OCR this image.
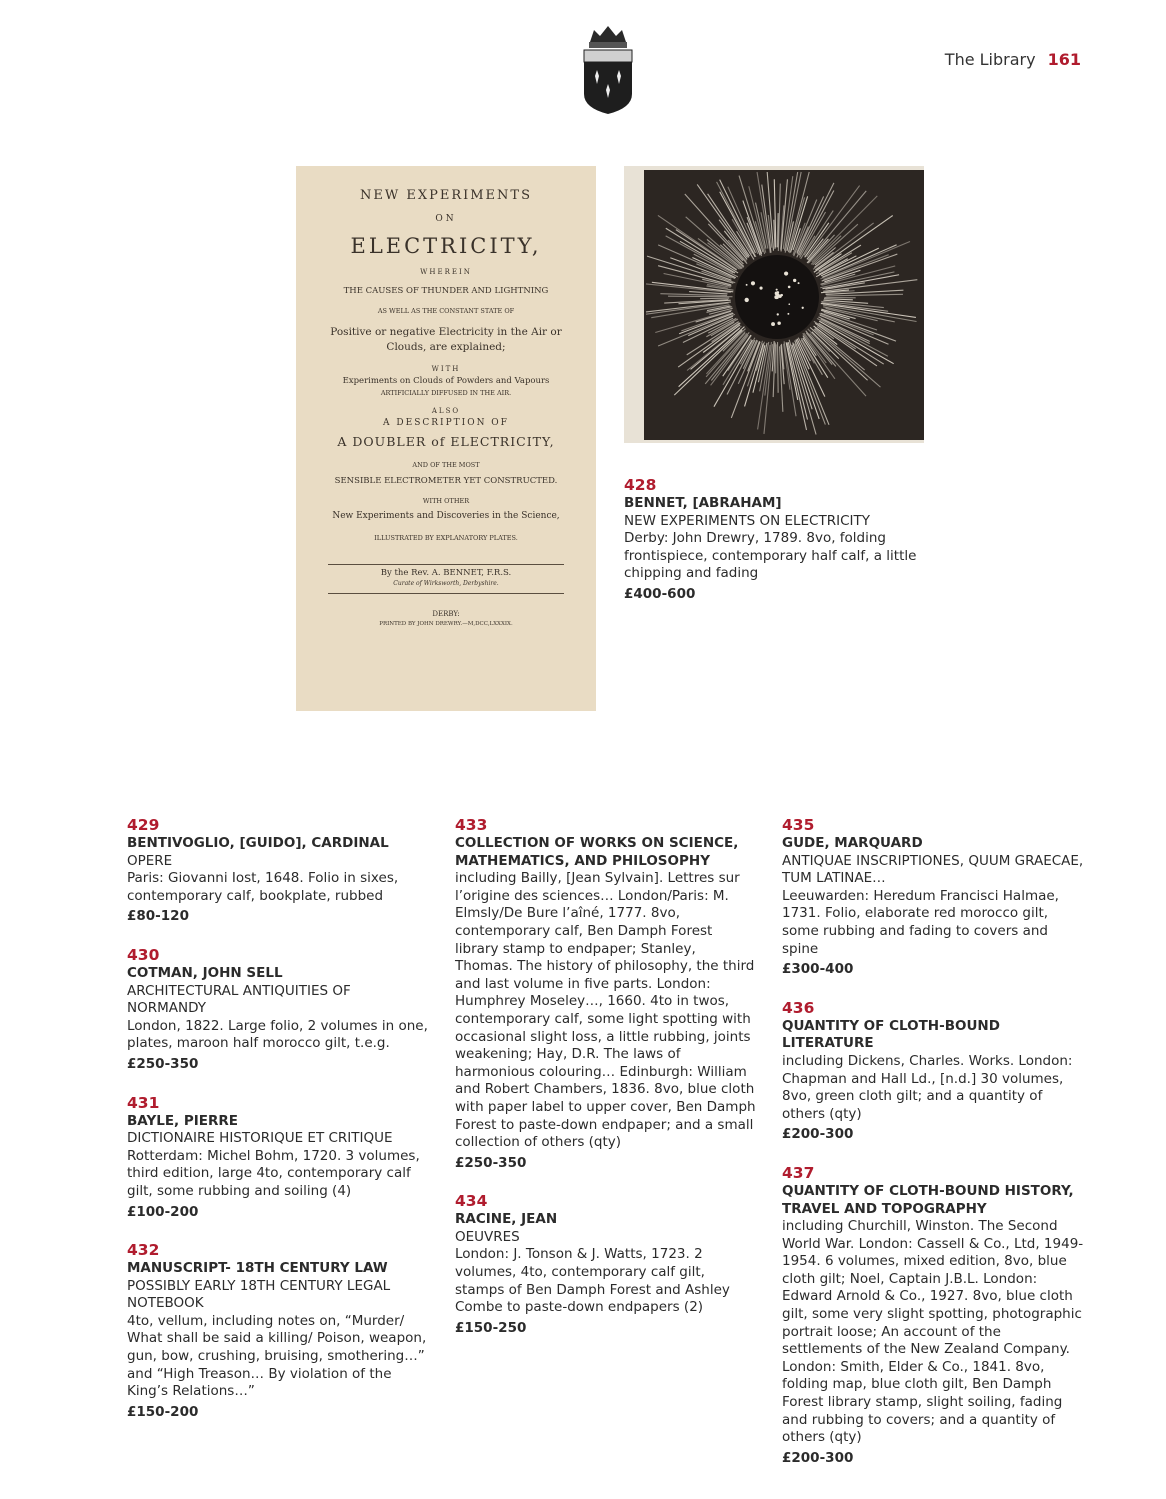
The Library 161
NEW EXPERIMENTS
ON
ELECTRICITY,
WHEREIN
THE CAUSES OF THUNDER AND LIGHTNING
AS WELL AS THE CONSTANT STATE OF
Positive or negative Electricity in the Air or
Clouds, are explained;
WITH
Experiments on Clouds of Powders and Vapours
ARTIFICIALLY DIFFUSED IN THE AIR.
ALSO
A DESCRIPTION OF
A DOUBLER of ELECTRICITY,
AND OF THE MOST
SENSIBLE ELECTROMETER YET CONSTRUCTED.
WITH OTHER
New Experiments and Discoveries in the Science,
ILLUSTRATED BY EXPLANATORY PLATES.
By the Rev. A. BENNET, F.R.S.
Curate of Wirksworth, Derbyshire.
DERBY:
PRINTED BY JOHN DREWRY.—M,DCC,LXXXIX.
428
BENNET, [ABRAHAM]
NEW EXPERIMENTS ON ELECTRICITY
Derby: John Drewry, 1789. 8vo, folding frontispiece, contemporary half calf, a little chipping and fading
£400-600
429
BENTIVOGLIO, [GUIDO], CARDINAL
OPERE
Paris: Giovanni Iost, 1648. Folio in sixes, contemporary calf, bookplate, rubbed
£80-120
430
COTMAN, JOHN SELL
ARCHITECTURAL ANTIQUITIES OF NORMANDY
London, 1822. Large folio, 2 volumes in one, plates, maroon half morocco gilt, t.e.g.
£250-350
431
BAYLE, PIERRE
DICTIONAIRE HISTORIQUE ET CRITIQUE
Rotterdam: Michel Bohm, 1720. 3 volumes, third edition, large 4to, contemporary calf gilt, some rubbing and soiling (4)
£100-200
432
MANUSCRIPT- 18TH CENTURY LAW
POSSIBLY EARLY 18TH CENTURY LEGAL NOTEBOOK
4to, vellum, including notes on, “Murder/ What shall be said a killing/ Poison, weapon, gun, bow, crushing, bruising, smothering…” and “High Treason… By violation of the King’s Relations…”
£150-200
433
COLLECTION OF WORKS ON SCIENCE, MATHEMATICS, AND PHILOSOPHY
including Bailly, [Jean Sylvain]. Lettres sur l’origine des sciences… London/Paris: M. Elmsly/De Bure l’aîné, 1777. 8vo, contemporary calf, Ben Damph Forest library stamp to endpaper; Stanley, Thomas. The history of philosophy, the third and last volume in five parts. London: Humphrey Moseley…, 1660. 4to in twos, contemporary calf, some light spotting with occasional slight loss, a little rubbing, joints weakening; Hay, D.R. The laws of harmonious colouring… Edinburgh: William and Robert Chambers, 1836. 8vo, blue cloth with paper label to upper cover, Ben Damph Forest to paste-down endpaper; and a small collection of others (qty)
£250-350
434
RACINE, JEAN
OEUVRES
London: J. Tonson & J. Watts, 1723. 2 volumes, 4to, contemporary calf gilt, stamps of Ben Damph Forest and Ashley Combe to paste-down endpapers (2)
£150-250
435
GUDE, MARQUARD
ANTIQUAE INSCRIPTIONES, QUUM GRAECAE, TUM LATINAE…
Leeuwarden: Heredum Francisci Halmae, 1731. Folio, elaborate red morocco gilt, some rubbing and fading to covers and spine
£300-400
436
QUANTITY OF CLOTH-BOUND LITERATURE
including Dickens, Charles. Works. London: Chapman and Hall Ld., [n.d.] 30 volumes, 8vo, green cloth gilt; and a quantity of others (qty)
£200-300
437
QUANTITY OF CLOTH-BOUND HISTORY, TRAVEL AND TOPOGRAPHY
including Churchill, Winston. The Second World War. London: Cassell & Co., Ltd, 1949-1954. 6 volumes, mixed edition, 8vo, blue cloth gilt; Noel, Captain J.B.L. London: Edward Arnold & Co., 1927. 8vo, blue cloth gilt, some very slight spotting, photographic portrait loose; An account of the settlements of the New Zealand Company. London: Smith, Elder & Co., 1841. 8vo, folding map, blue cloth gilt, Ben Damph Forest library stamp, slight soiling, fading and rubbing to covers; and a quantity of others (qty)
£200-300
